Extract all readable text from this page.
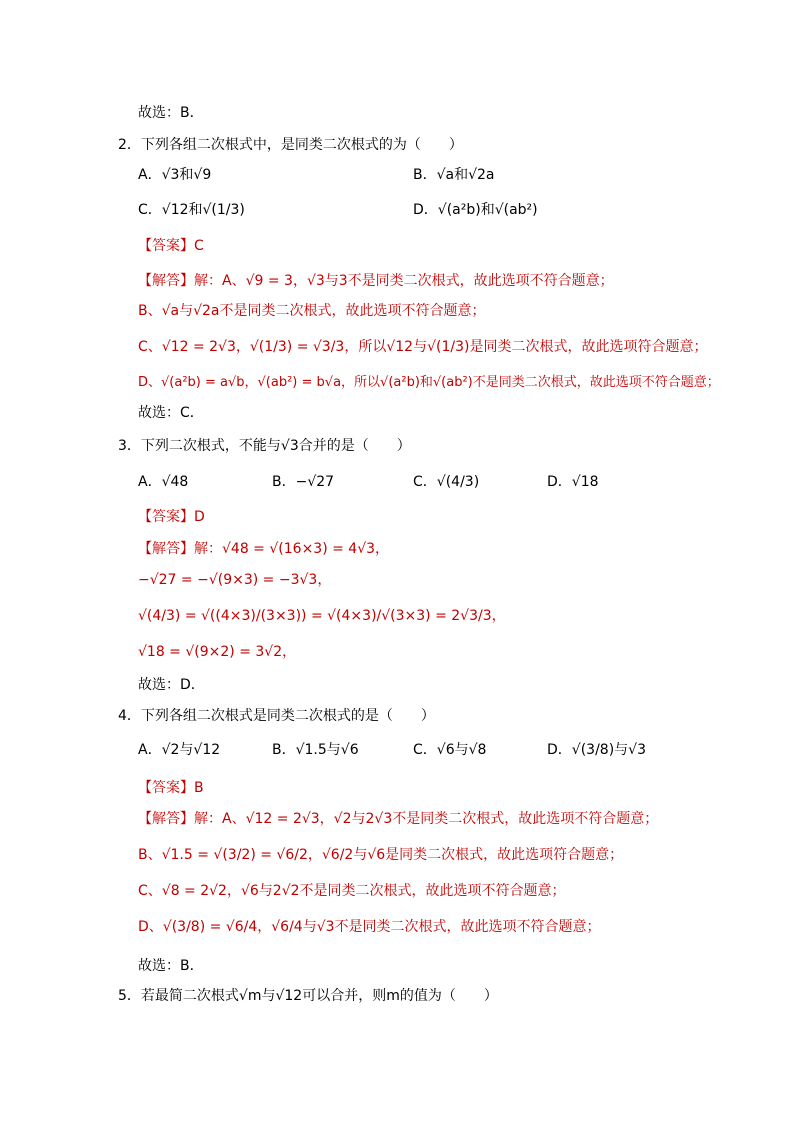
故选：B．
2．下列各组二次根式中，是同类二次根式的为（　　）
A．√3和√9	B．√a和√2a
C．√12和√(1/3)	D．√(a²b)和√(ab²)
【答案】C
【解答】解：A、√9 = 3，√3与3不是同类二次根式，故此选项不符合题意；
B、√a与√2a不是同类二次根式，故此选项不符合题意；
C、√12 = 2√3，√(1/3) = √3/3，所以√12与√(1/3)是同类二次根式，故此选项符合题意；
D、√(a²b) = a√b，√(ab²) = b√a，所以√(a²b)和√(ab²)不是同类二次根式，故此选项不符合题意；
故选：C．
3．下列二次根式，不能与√3合并的是（　　）
A．√48	B．−√27	C．√(4/3)	D．√18
【答案】D
【解答】解：√48 = √(16×3) = 4√3，
−√27 = −√(9×3) = −3√3，
√(4/3) = √((4×3)/(3×3)) = √(4×3)/√(3×3) = 2√3/3，
√18 = √(9×2) = 3√2，
故选：D．
4．下列各组二次根式是同类二次根式的是（　　）
A．√2与√12	B．√1.5与√6	C．√6与√8	D．√(3/8)与√3
【答案】B
【解答】解：A、√12 = 2√3，√2与2√3不是同类二次根式，故此选项不符合题意；
B、√1.5 = √(3/2) = √6/2，√6/2与√6是同类二次根式，故此选项符合题意；
C、√8 = 2√2，√6与2√2不是同类二次根式，故此选项不符合题意；
D、√(3/8) = √6/4，√6/4与√3不是同类二次根式，故此选项不符合题意；
故选：B．
5．若最简二次根式√m与√12可以合并，则m的值为（　　）
